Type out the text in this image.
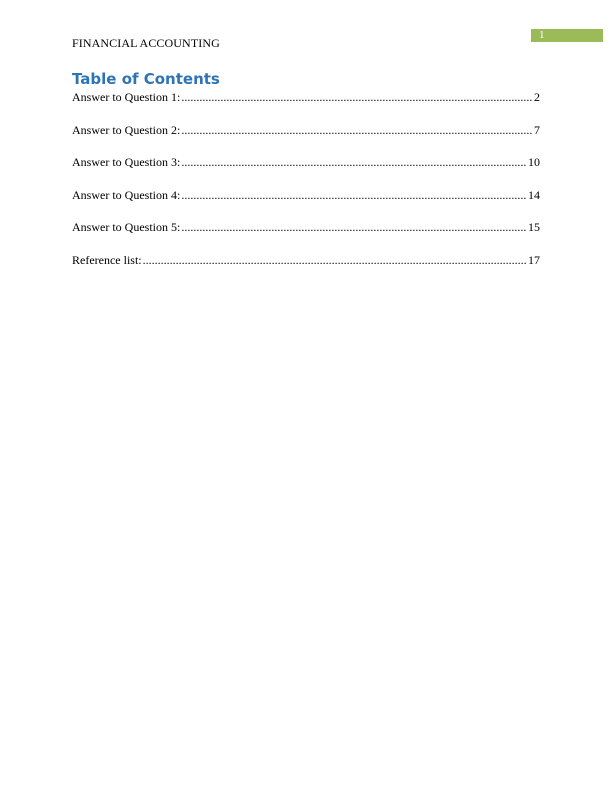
FINANCIAL ACCOUNTING
1
Table of Contents
Answer to Question 1: .....	2
Answer to Question 2: .....	7
Answer to Question 3: .....	10
Answer to Question 4: .....	14
Answer to Question 5: .....	15
Reference list: .....	17
